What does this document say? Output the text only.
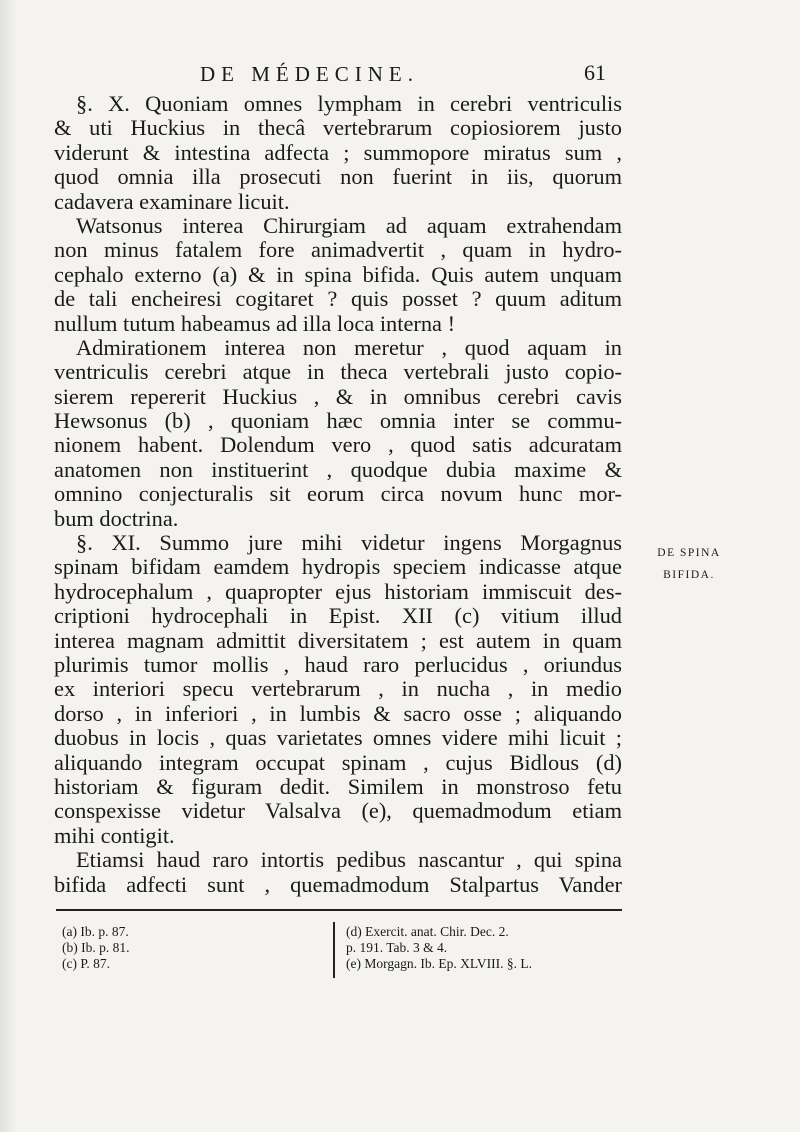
DE MÉDECINE.	61
§. X. Quoniam omnes lympham in cerebri ventriculis
& uti Huckius in thecâ vertebrarum copiosiorem justo
viderunt & intestina adfecta ; summopore miratus sum ,
quod omnia illa prosecuti non fuerint in iis, quorum
cadavera examinare licuit.
Watsonus interea Chirurgiam ad aquam extrahendam
non minus fatalem fore animadvertit , quam in hydro-
cephalo externo (a) & in spina bifida. Quis autem unquam
de tali encheiresi cogitaret ? quis posset ? quum aditum
nullum tutum habeamus ad illa loca interna !
Admirationem interea non meretur , quod aquam in
ventriculis cerebri atque in theca vertebrali justo copio-
sierem repererit Huckius , & in omnibus cerebri cavis
Hewsonus (b) , quoniam hæc omnia inter se commu-
nionem habent. Dolendum vero , quod satis adcuratam
anatomen non instituerint , quodque dubia maxime &
omnino conjecturalis sit eorum circa novum hunc mor-
bum doctrina.
§. XI. Summo jure mihi videtur ingens Morgagnus
spinam bifidam eamdem hydropis speciem indicasse atque
hydrocephalum , quapropter ejus historiam immiscuit des-
criptioni hydrocephali in Epist. XII (c) vitium illud
interea magnam admittit diversitatem ; est autem in quam
plurimis tumor mollis , haud raro perlucidus , oriundus
ex interiori specu vertebrarum , in nucha , in medio
dorso , in inferiori , in lumbis & sacro osse ; aliquando
duobus in locis , quas varietates omnes videre mihi licuit ;
aliquando integram occupat spinam , cujus Bidlous (d)
historiam & figuram dedit. Similem in monstroso fetu
conspexisse videtur Valsalva (e), quemadmodum etiam
mihi contigit.
Etiamsi haud raro intortis pedibus nascantur , qui spina
bifida adfecti sunt , quemadmodum Stalpartus Vander
DE SPINA
BIFIDA.
(a) Ib. p. 87.
(b) Ib. p. 81.
(c) P. 87.
(d) Exercit. anat. Chir. Dec. 2.
p. 191. Tab. 3 & 4.
(e) Morgagn. Ib. Ep. XLVIII. §. L.
